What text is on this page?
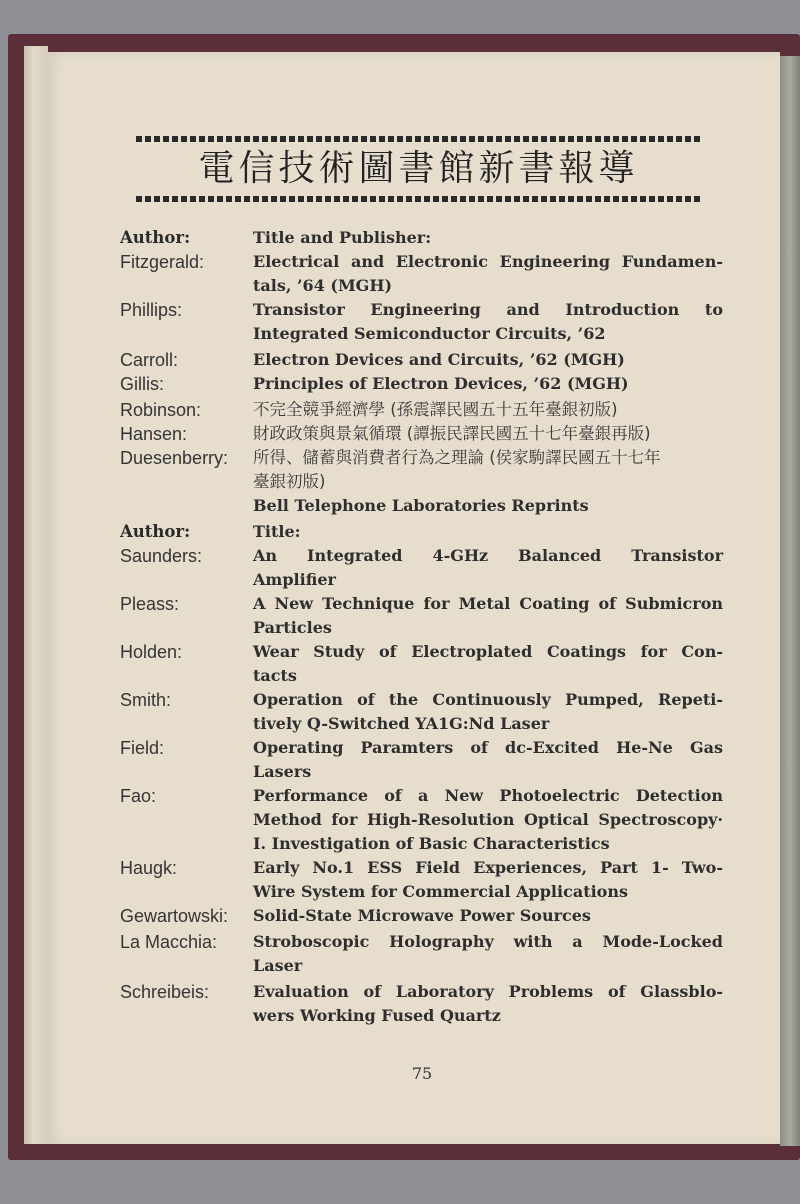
電信技術圖書館新書報導
Author:	Title and Publisher:
Fitzgerald:	Electrical and Electronic Engineering Fundamen-
tals, ’64 (MGH)
Phillips:	Transistor Engineering and Introduction to
Integrated Semiconductor Circuits, ’62
Carroll:	Electron Devices and Circuits, ’62 (MGH)
Gillis:	Principles of Electron Devices, ’62 (MGH)
Robinson:	不完全競爭經濟學 (孫震譯民國五十五年臺銀初版)
Hansen:	財政政策與景氣循環 (譚振民譯民國五十七年臺銀再版)
Duesenberry: 所得、儲蓄與消費者行為之理論 (侯家駒譯民國五十七年
臺銀初版)
Bell Telephone Laboratories Reprints
Author:	Title:
Saunders:	An Integrated 4-GHz Balanced Transistor
Amplifier
Pleass:	A New Technique for Metal Coating of Submicron
Particles
Holden:	Wear Study of Electroplated Coatings for Con-
tacts
Smith:	Operation of the Continuously Pumped, Repeti-
tively Q-Switched YA1G:Nd Laser
Field:	Operating Paramters of dc-Excited He-Ne Gas
Lasers
Fao:	Performance of a New Photoelectric Detection
Method for High-Resolution Optical Spectroscopy·
I. Investigation of Basic Characteristics
Haugk:	Early No.1 ESS Field Experiences, Part 1- Two-
Wire System for Commercial Applications
Gewartowski: Solid-State Microwave Power Sources
La Macchia: Stroboscopic Holography with a Mode-Locked
Laser
Schreibeis:	Evaluation of Laboratory Problems of Glassblo-
wers Working Fused Quartz
75
